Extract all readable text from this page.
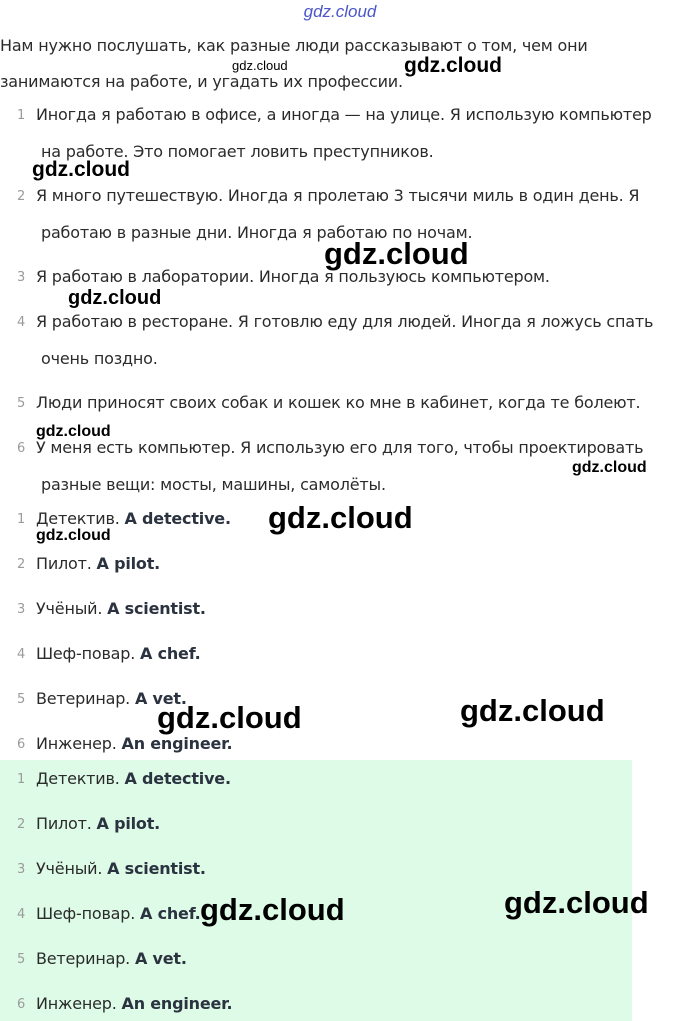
gdz.cloud
Нам нужно послушать, как разные люди рассказывают о том, чем они
занимаются на работе, и угадать их профессии.
1 Иногда я работаю в офисе, а иногда — на улице. Я использую компьютер
на работе. Это помогает ловить преступников.
2 Я много путешествую. Иногда я пролетаю 3 тысячи миль в один день. Я
работаю в разные дни. Иногда я работаю по ночам.
3 Я работаю в лаборатории. Иногда я пользуюсь компьютером.
4 Я работаю в ресторане. Я готовлю еду для людей. Иногда я ложусь спать
очень поздно.
5 Люди приносят своих собак и кошек ко мне в кабинет, когда те болеют.
6 У меня есть компьютер. Я использую его для того, чтобы проектировать
разные вещи: мосты, машины, самолёты.
1 Детектив. A detective.
2 Пилот. A pilot.
3 Учёный. A scientist.
4 Шеф-повар. A chef.
5 Ветеринар. A vet.
6 Инженер. An engineer.
1 Детектив. A detective.
2 Пилот. A pilot.
3 Учёный. A scientist.
4 Шеф-повар. A chef.
5 Ветеринар. A vet.
6 Инженер. An engineer.
gdz.cloud	gdz.cloud
gdz.cloud
gdz.cloud
gdz.cloud
gdz.cloud
gdz.cloud
gdz.cloud
gdz.cloud
gdz.cloud	gdz.cloud
gdz.cloud	gdz.cloud
